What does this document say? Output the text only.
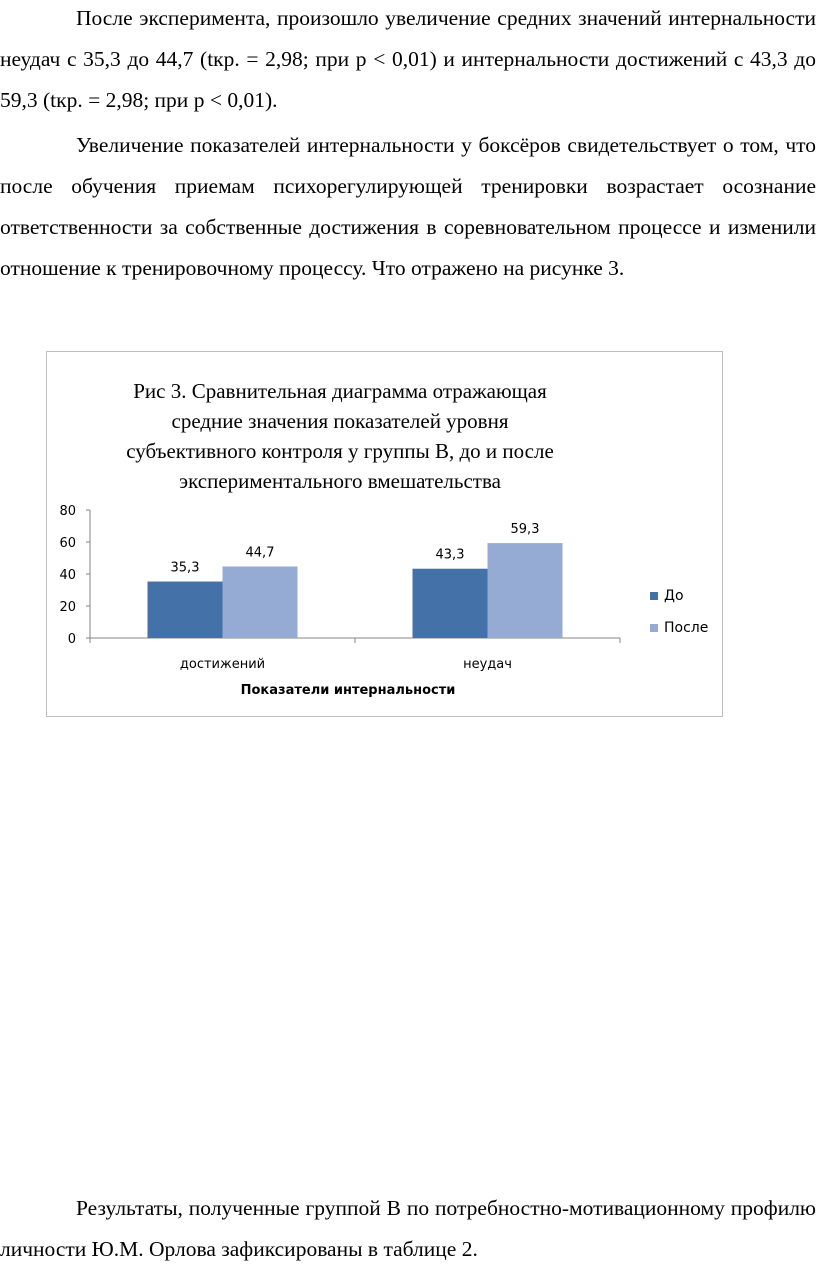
После эксперимента, произошло увеличение средних значений интернальности неудач с 35,3 до 44,7 (tкр. = 2,98; при p < 0,01) и интернальности достижений с 43,3 до 59,3 (tкр. = 2,98; при p < 0,01).

Увеличение показателей интернальности у боксёров свидетельствует о том, что после обучения приемам психорегулирующей тренировки возрастает осознание ответственности за собственные достижения в соревновательном процессе и изменили отношение к тренировочному процессу. Что отражено на рисунке 3.

Рис 3. Сравнительная диаграмма отражающая средние значения показателей уровня субъективного контроля у группы В, до и после экспериментального вмешательства
0
20
40
60
80
достижений
35,3
44,7
неудач
43,3
59,3
Показатели интернальности
До
После

Результаты, полученные группой В по потребностно-мотивационному профилю личности Ю.М. Орлова зафиксированы в таблице 2.
